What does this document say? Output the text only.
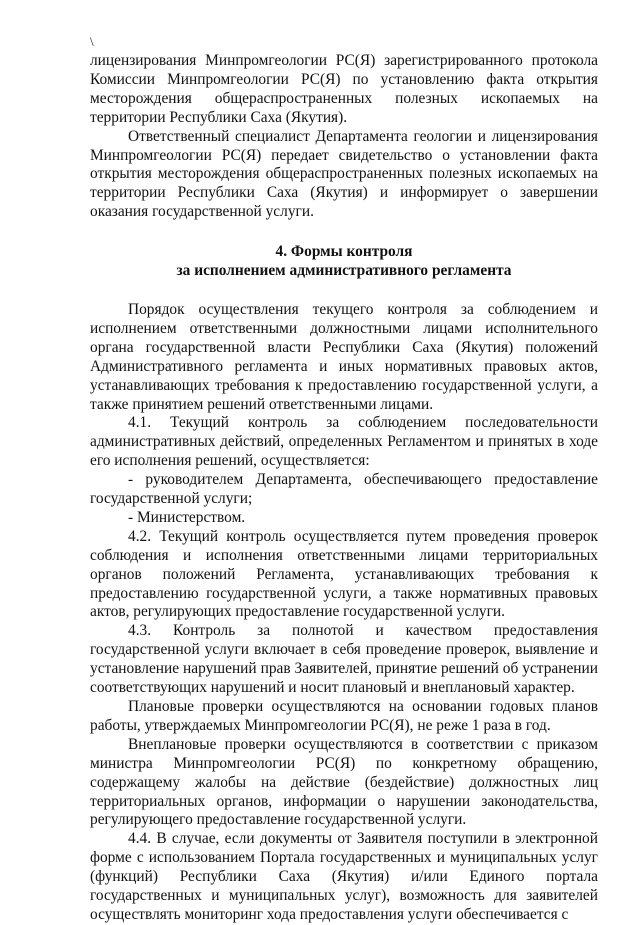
\

лицензирования Минпромгеологии РС(Я) зарегистрированного протокола Комиссии Минпромгеологии РС(Я) по установлению факта открытия месторождения общераспространенных полезных ископаемых на территории Республики Саха (Якутия).

Ответственный специалист Департамента геологии и лицензирования Минпромгеологии РС(Я) передает свидетельство о установлении факта открытия месторождения общераспространенных полезных ископаемых на территории Республики Саха (Якутия) и информирует о завершении оказания государственной услуги.

4. Формы контроля

за исполнением административного регламента

Порядок осуществления текущего контроля за соблюдением и исполнением ответственными должностными лицами исполнительного органа государственной власти Республики Саха (Якутия) положений Административного регламента и иных нормативных правовых актов, устанавливающих требования к предоставлению государственной услуги, а также принятием решений ответственными лицами.

4.1. Текущий контроль за соблюдением последовательности административных действий, определенных Регламентом и принятых в ходе его исполнения решений, осуществляется:

- руководителем Департамента, обеспечивающего предоставление государственной услуги;

- Министерством.

4.2. Текущий контроль осуществляется путем проведения проверок соблюдения и исполнения ответственными лицами территориальных органов положений Регламента, устанавливающих требования к предоставлению государственной услуги, а также нормативных правовых актов, регулирующих предоставление государственной услуги.

4.3. Контроль за полнотой и качеством предоставления государственной услуги включает в себя проведение проверок, выявление и установление нарушений прав Заявителей, принятие решений об устранении соответствующих нарушений и носит плановый и внеплановый характер.

Плановые проверки осуществляются на основании годовых планов работы, утверждаемых Минпромгеологии РС(Я), не реже 1 раза в год.

Внеплановые проверки осуществляются в соответствии с приказом министра Минпромгеологии РС(Я) по конкретному обращению, содержащему жалобы на действие (бездействие) должностных лиц территориальных органов, информации о нарушении законодательства, регулирующего предоставление государственной услуги.

4.4. В случае, если документы от Заявителя поступили в электронной форме с использованием Портала государственных и муниципальных услуг (функций) Республики Саха (Якутия) и/или Единого портала государственных и муниципальных услуг), возможность для заявителей осуществлять мониторинг хода предоставления услуги обеспечивается с
